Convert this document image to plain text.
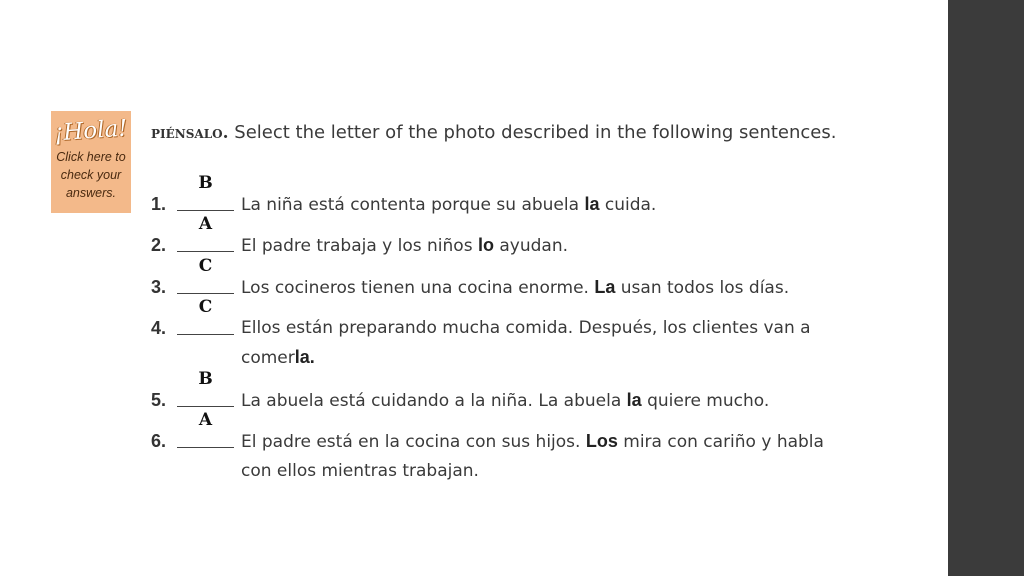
¡Hola!
Click here to check your answers.
piénsalo. Select the letter of the photo described in the following sentences.
1.
B
La niña está contenta porque su abuela la cuida.
2.
A
El padre trabaja y los niños lo ayudan.
3.
C
Los cocineros tienen una cocina enorme. La usan todos los días.
4.
C
Ellos están preparando mucha comida. Después, los clientes van a comerla.
5.
B
La abuela está cuidando a la niña. La abuela la quiere mucho.
6.
A
El padre está en la cocina con sus hijos. Los mira con cariño y habla con ellos mientras trabajan.
